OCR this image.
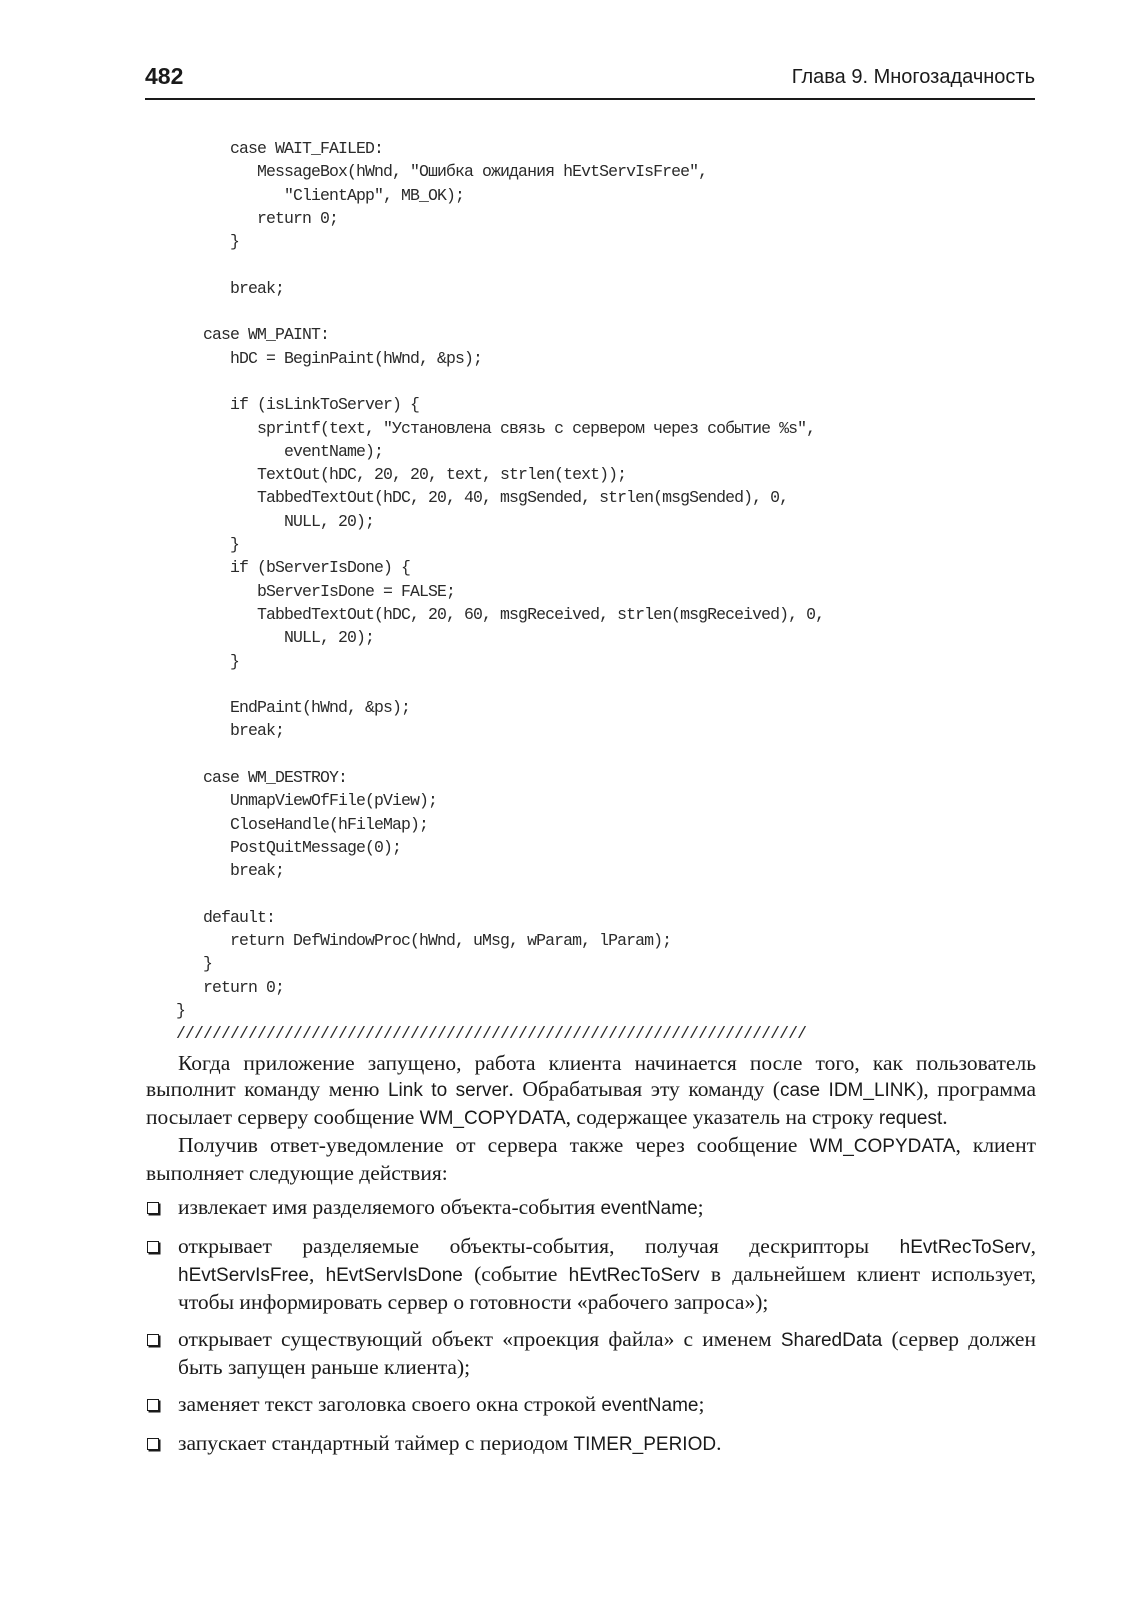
482	Глава 9. Многозадачность
case WAIT_FAILED:
MessageBox(hWnd, "Ошибка ожидания hEvtServIsFree",
"ClientApp", MB_OK);
return 0;
}

break;

case WM_PAINT:
hDC = BeginPaint(hWnd, &ps);

if (isLinkToServer) {
sprintf(text, "Установлена связь с сервером через событие %s",
eventName);
TextOut(hDC, 20, 20, text, strlen(text));
TabbedTextOut(hDC, 20, 40, msgSended, strlen(msgSended), 0,
NULL, 20);
}
if (bServerIsDone) {
bServerIsDone = FALSE;
TabbedTextOut(hDC, 20, 60, msgReceived, strlen(msgReceived), 0,
NULL, 20);
}

EndPaint(hWnd, &ps);
break;

case WM_DESTROY:
UnmapViewOfFile(pView);
CloseHandle(hFileMap);
PostQuitMessage(0);
break;

default:
return DefWindowProc(hWnd, uMsg, wParam, lParam);
}
return 0;
}
//////////////////////////////////////////////////////////////////////

Когда приложение запущено, работа клиента начинается после того, как пользователь выполнит команду меню Link to server. Обрабатывая эту команду (case IDM_LINK), программа посылает серверу сообщение WM_COPYDATA, содержащее указатель на строку request.

Получив ответ-уведомление от сервера также через сообщение WM_COPYDATA, клиент выполняет следующие действия:

извлекает имя разделяемого объекта-события eventName;
открывает разделяемые объекты-события, получая дескрипторы hEvtRecToServ, hEvtServIsFree, hEvtServIsDone (событие hEvtRecToServ в дальнейшем клиент использует, чтобы информировать сервер о готовности «рабочего запроса»);
открывает существующий объект «проекция файла» с именем SharedData (сервер должен быть запущен раньше клиента);
заменяет текст заголовка своего окна строкой eventName;
запускает стандартный таймер с периодом TIMER_PERIOD.
